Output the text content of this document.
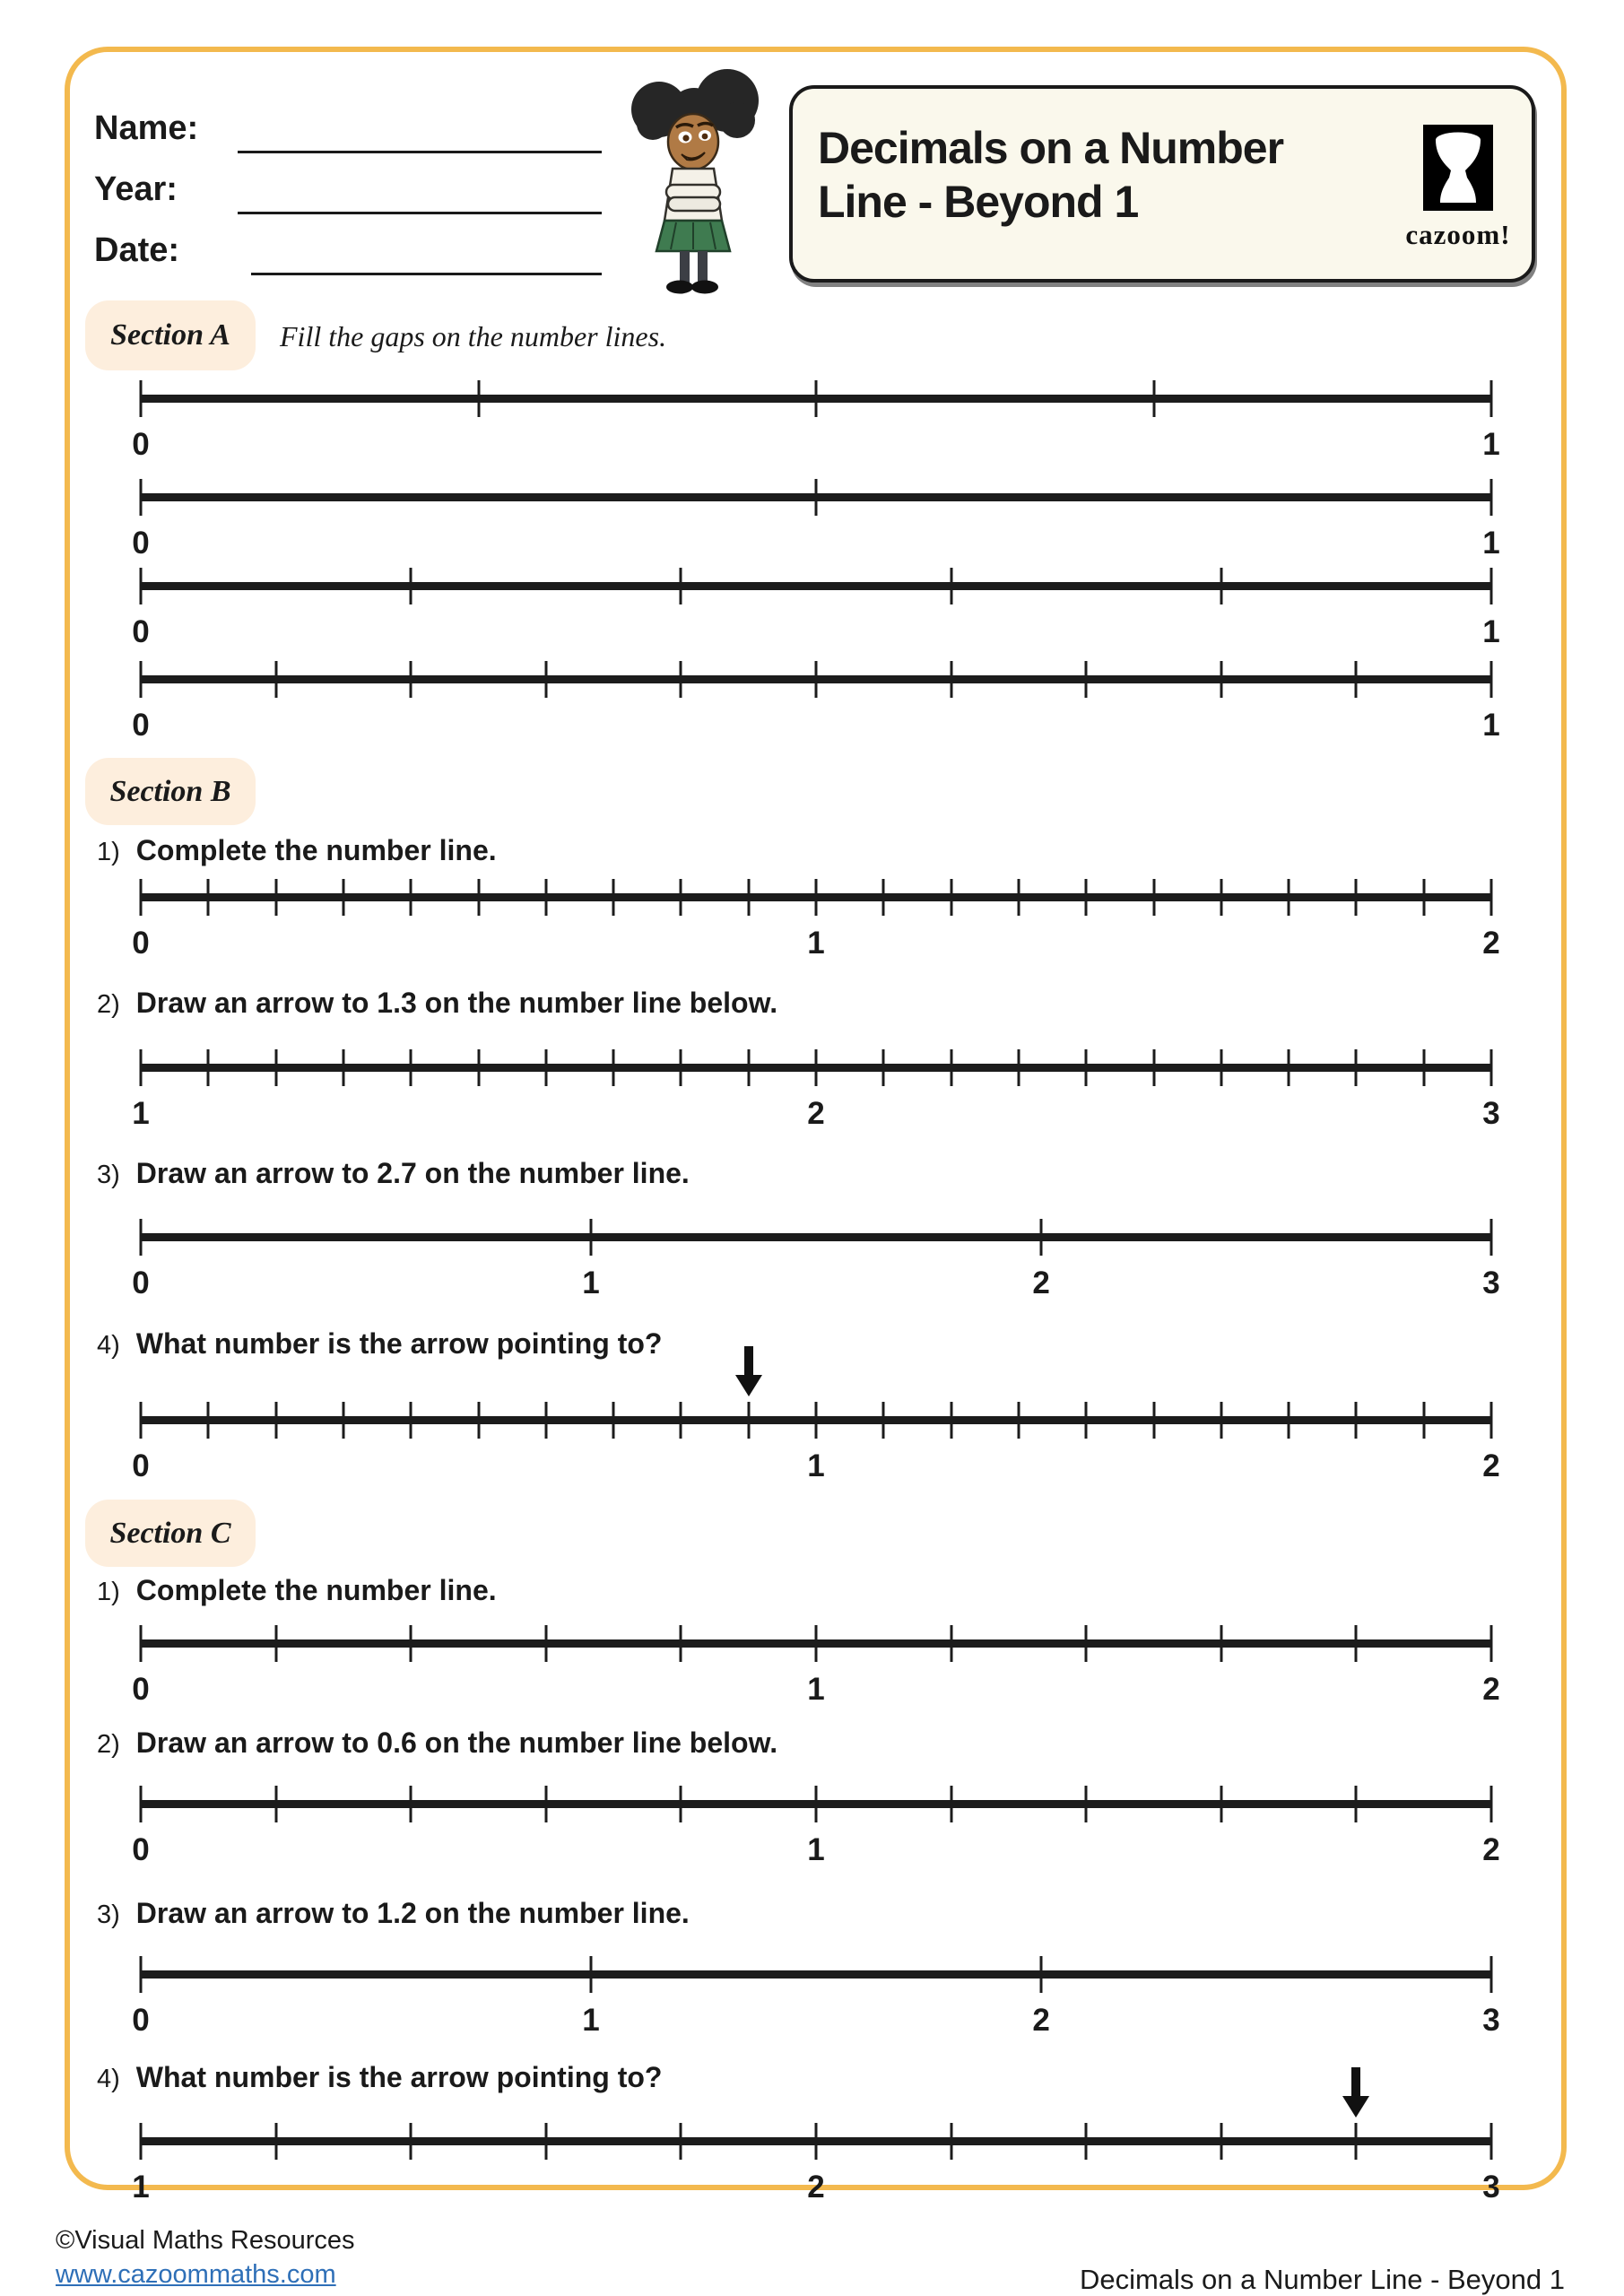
Name:
Year:
Date:
Decimals on a Number
Line - Beyond 1
cazoom!
Section A Fill the gaps on the number lines.
0	1
0	1
0	1
0	1
Section B
1) Complete the number line.
0	1	2
2) Draw an arrow to 1.3 on the number line below.
1	2	3
3) Draw an arrow to 2.7 on the number line.
0	1	2	3
4) What number is the arrow pointing to?
0	1	2
Section C
1) Complete the number line.
0	1	2
2) Draw an arrow to 0.6 on the number line below.
0	1	2
3) Draw an arrow to 1.2 on the number line.
0	1	2	3
4) What number is the arrow pointing to?
1	2	3
©Visual Maths Resources
www.cazoommaths.com	Decimals on a Number Line - Beyond 1
